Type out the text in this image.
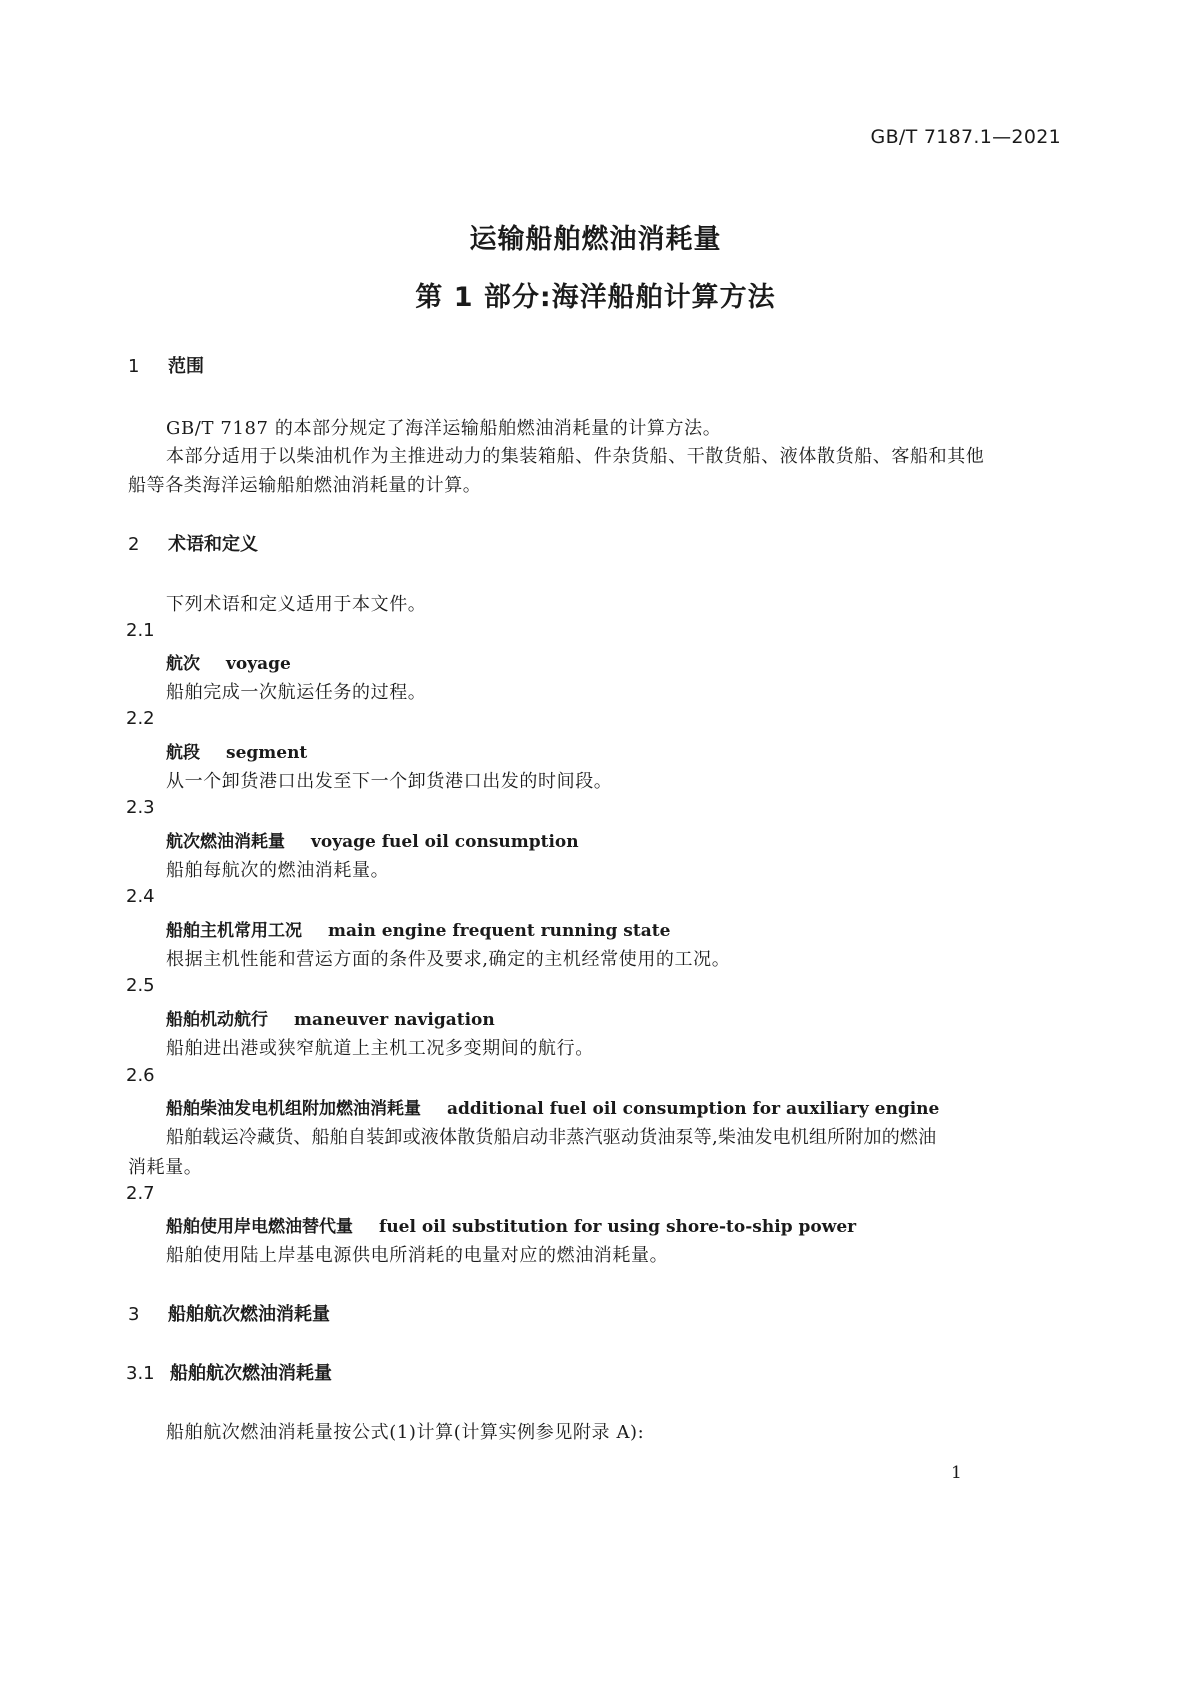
GB/T 7187.1—2021
运输船舶燃油消耗量
第 1 部分:海洋船舶计算方法
1 范围
GB/T 7187 的本部分规定了海洋运输船舶燃油消耗量的计算方法。
本部分适用于以柴油机作为主推进动力的集装箱船、件杂货船、干散货船、液体散货船、客船和其他
船等各类海洋运输船舶燃油消耗量的计算。
2 术语和定义
下列术语和定义适用于本文件。
2.1
航次 voyage
船舶完成一次航运任务的过程。
2.2
航段 segment
从一个卸货港口出发至下一个卸货港口出发的时间段。
2.3
航次燃油消耗量 voyage fuel oil consumption
船舶每航次的燃油消耗量。
2.4
船舶主机常用工况 main engine frequent running state
根据主机性能和营运方面的条件及要求,确定的主机经常使用的工况。
2.5
船舶机动航行 maneuver navigation
船舶进出港或狭窄航道上主机工况多变期间的航行。
2.6
船舶柴油发电机组附加燃油消耗量 additional fuel oil consumption for auxiliary engine
船舶载运冷藏货、船舶自装卸或液体散货船启动非蒸汽驱动货油泵等,柴油发电机组所附加的燃油
消耗量。
2.7
船舶使用岸电燃油替代量 fuel oil substitution for using shore-to-ship power
船舶使用陆上岸基电源供电所消耗的电量对应的燃油消耗量。
3 船舶航次燃油消耗量
3.1 船舶航次燃油消耗量
船舶航次燃油消耗量按公式(1)计算(计算实例参见附录 A):
1
